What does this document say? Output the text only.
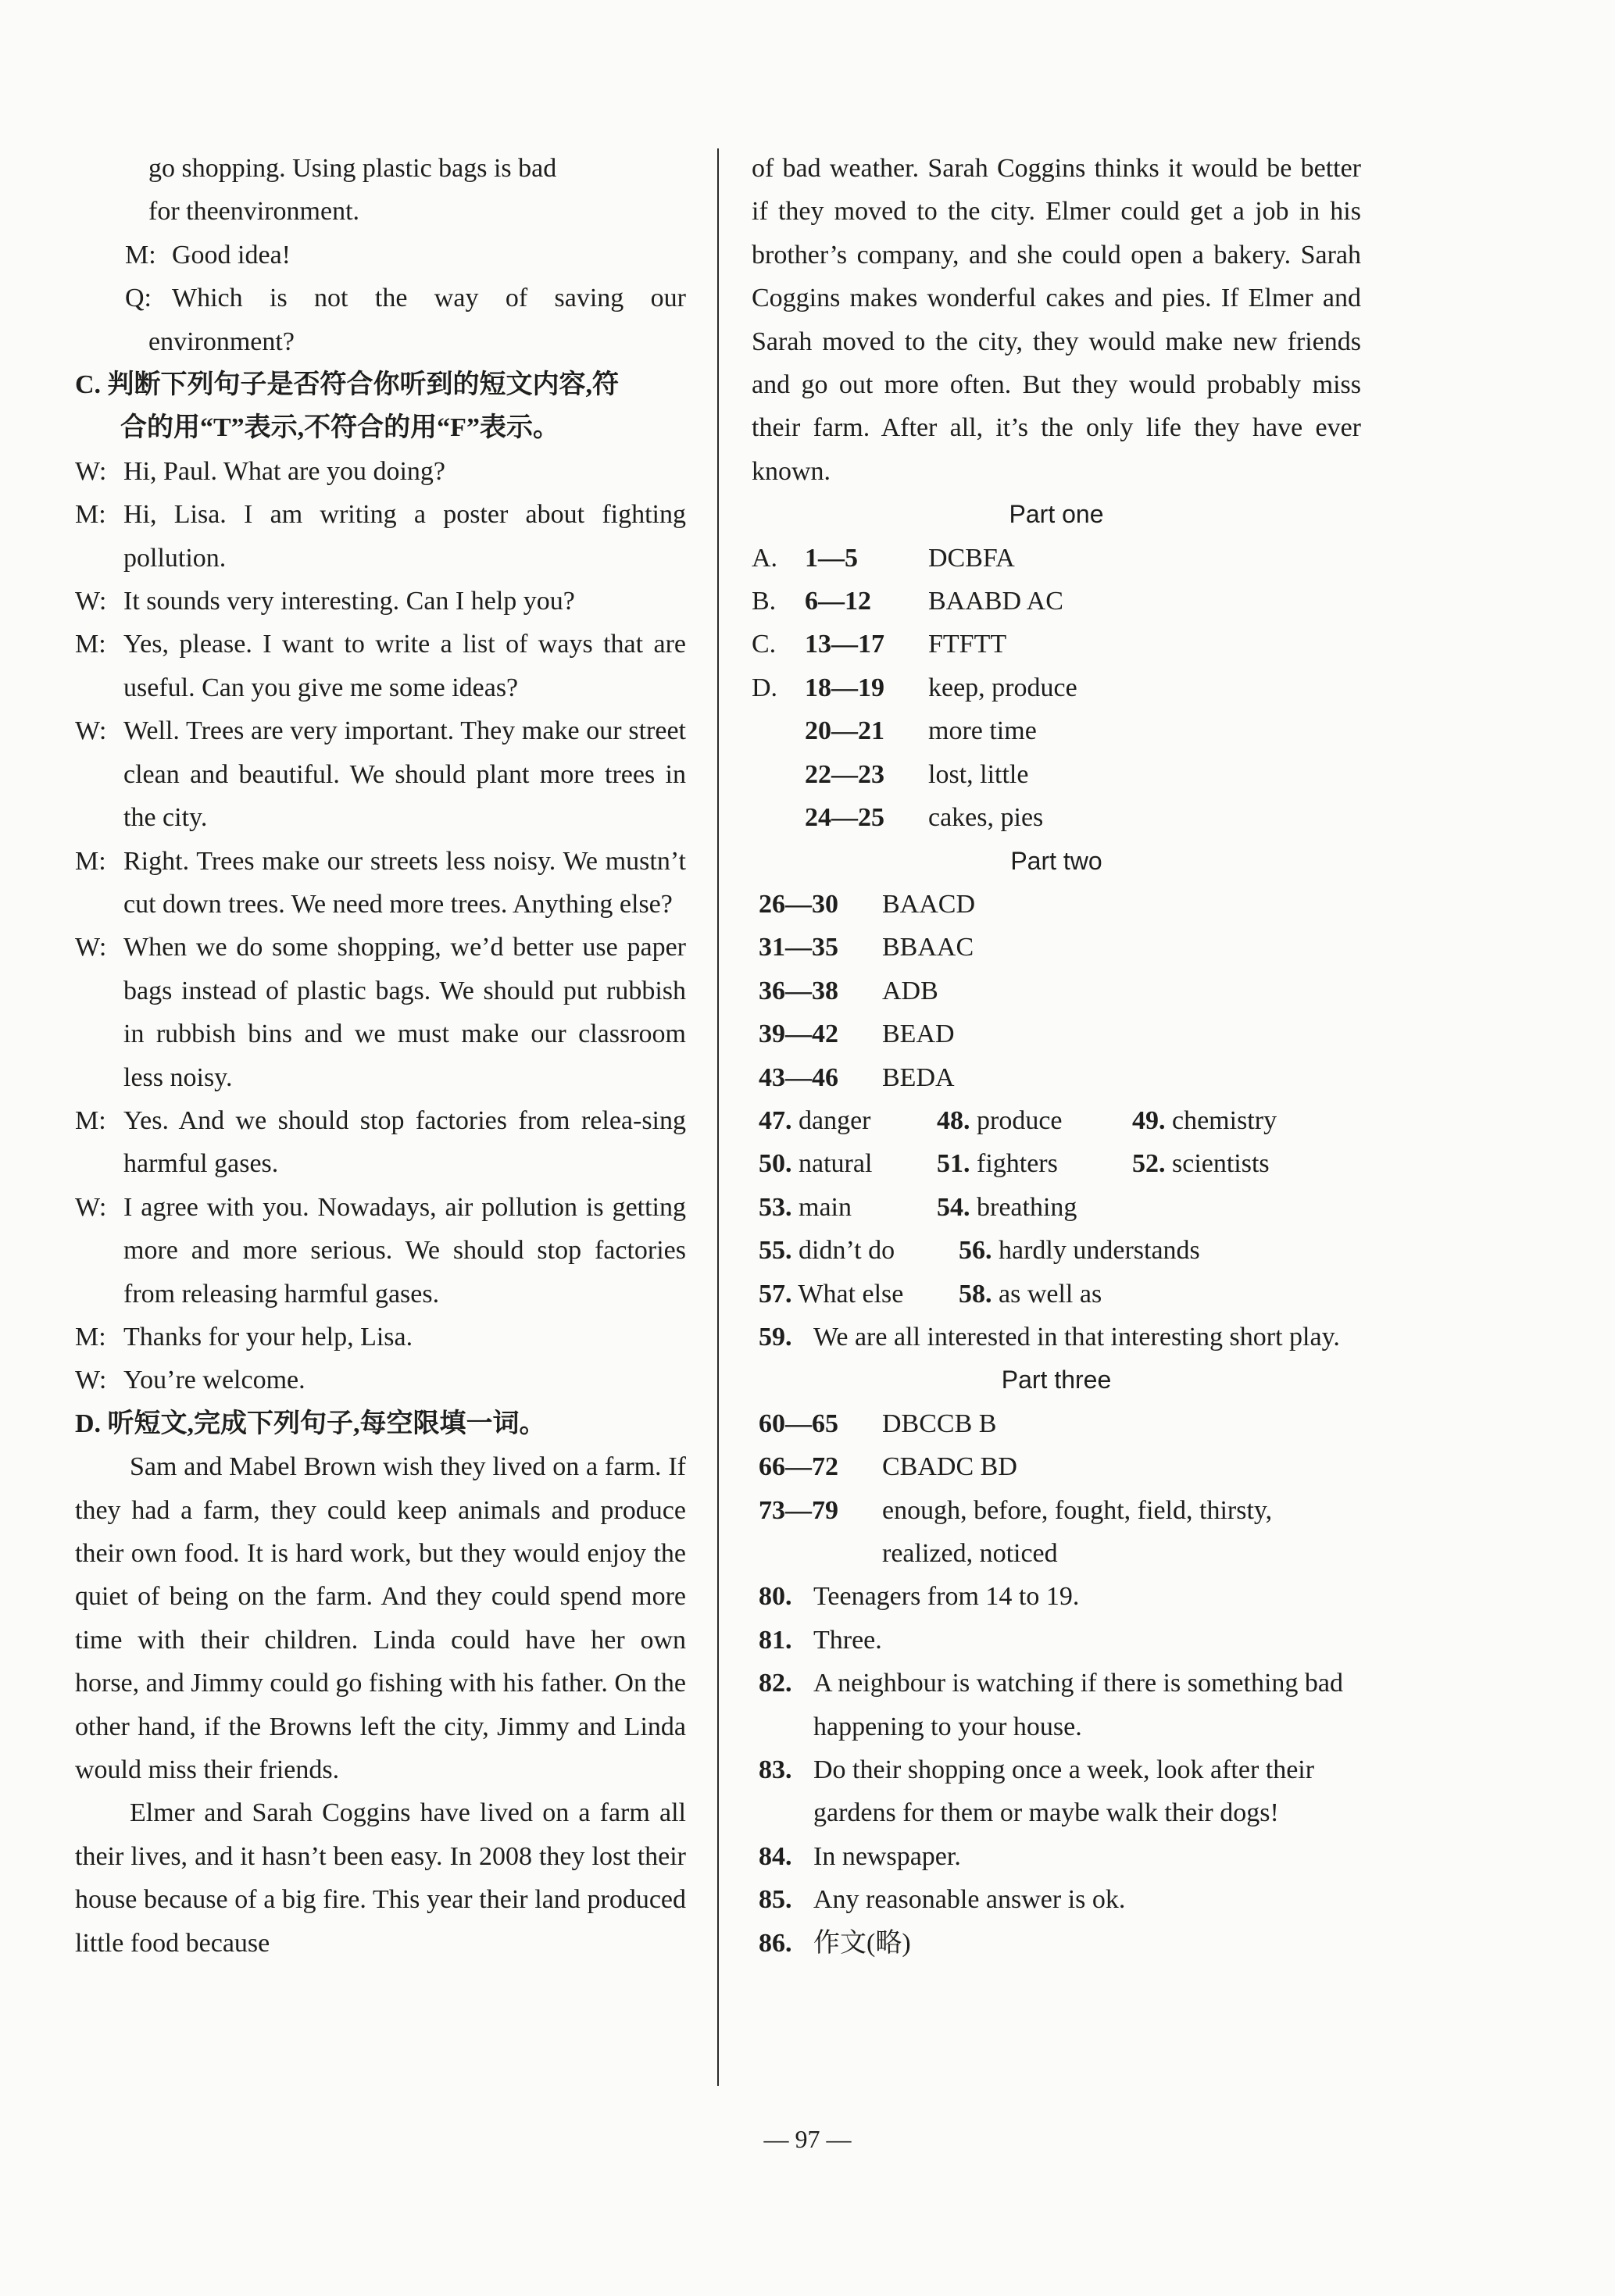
go shopping. Using plastic bags is bad
for theenvironment.
M: Good idea!
Q: Which is not the way of saving our
environment?
C. 判断下列句子是否符合你听到的短文内容,符
合的用“T”表示,不符合的用“F”表示。
W: Hi, Paul. What are you doing?
M: Hi, Lisa. I am writing a poster about fighting pollution.
W: It sounds very interesting. Can I help you?
M: Yes, please. I want to write a list of ways that are useful. Can you give me some ideas?
W: Well. Trees are very important. They make our street clean and beautiful. We should plant more trees in the city.
M: Right. Trees make our streets less noisy. We mustn’t cut down trees. We need more trees. Anything else?
W: When we do some shopping, we’d better use paper bags instead of plastic bags. We should put rubbish in rubbish bins and we must make our classroom less noisy.
M: Yes. And we should stop factories from relea-sing harmful gases.
W: I agree with you. Nowadays, air pollution is getting more and more serious. We should stop factories from releasing harmful gases.
M: Thanks for your help, Lisa.
W: You’re welcome.
D. 听短文,完成下列句子,每空限填一词。
Sam and Mabel Brown wish they lived on a farm. If they had a farm, they could keep animals and produce their own food. It is hard work, but they would enjoy the quiet of being on the farm. And they could spend more time with their children. Linda could have her own horse, and Jimmy could go fishing with his father. On the other hand, if the Browns left the city, Jimmy and Linda would miss their friends.
Elmer and Sarah Coggins have lived on a farm all their lives, and it hasn’t been easy. In 2008 they lost their house because of a big fire. This year their land produced little food because
of bad weather. Sarah Coggins thinks it would be better if they moved to the city. Elmer could get a job in his brother’s company, and she could open a bakery. Sarah Coggins makes wonderful cakes and pies. If Elmer and Sarah moved to the city, they would make new friends and go out more often. But they would probably miss their farm. After all, it’s the only life they have ever known.
Part one
A.	1—5	DCBFA
B.	6—12	BAABD AC
C.	13—17	FTFTT
D.	18—19	keep, produce
20—21	more time
22—23	lost, little
24—25	cakes, pies
Part two
26—30	BAACD
31—35	BBAAC
36—38	ADB
39—42	BEAD
43—46	BEDA
47. danger	48. produce	49. chemistry
50. natural	51. fighters	52. scientists
53. main	54. breathing
55. didn’t do	56. hardly understands
57. What else	58. as well as
59. We are all interested in that interesting short play.
Part three
60—65	DBCCB B
66—72	CBADC BD
73—79	enough, before, fought, field, thirsty, realized, noticed
80. Teenagers from 14 to 19.
81. Three.
82. A neighbour is watching if there is something bad happening to your house.
83. Do their shopping once a week, look after their gardens for them or maybe walk their dogs!
84. In newspaper.
85. Any reasonable answer is ok.
86. 作文(略)
— 97 —
